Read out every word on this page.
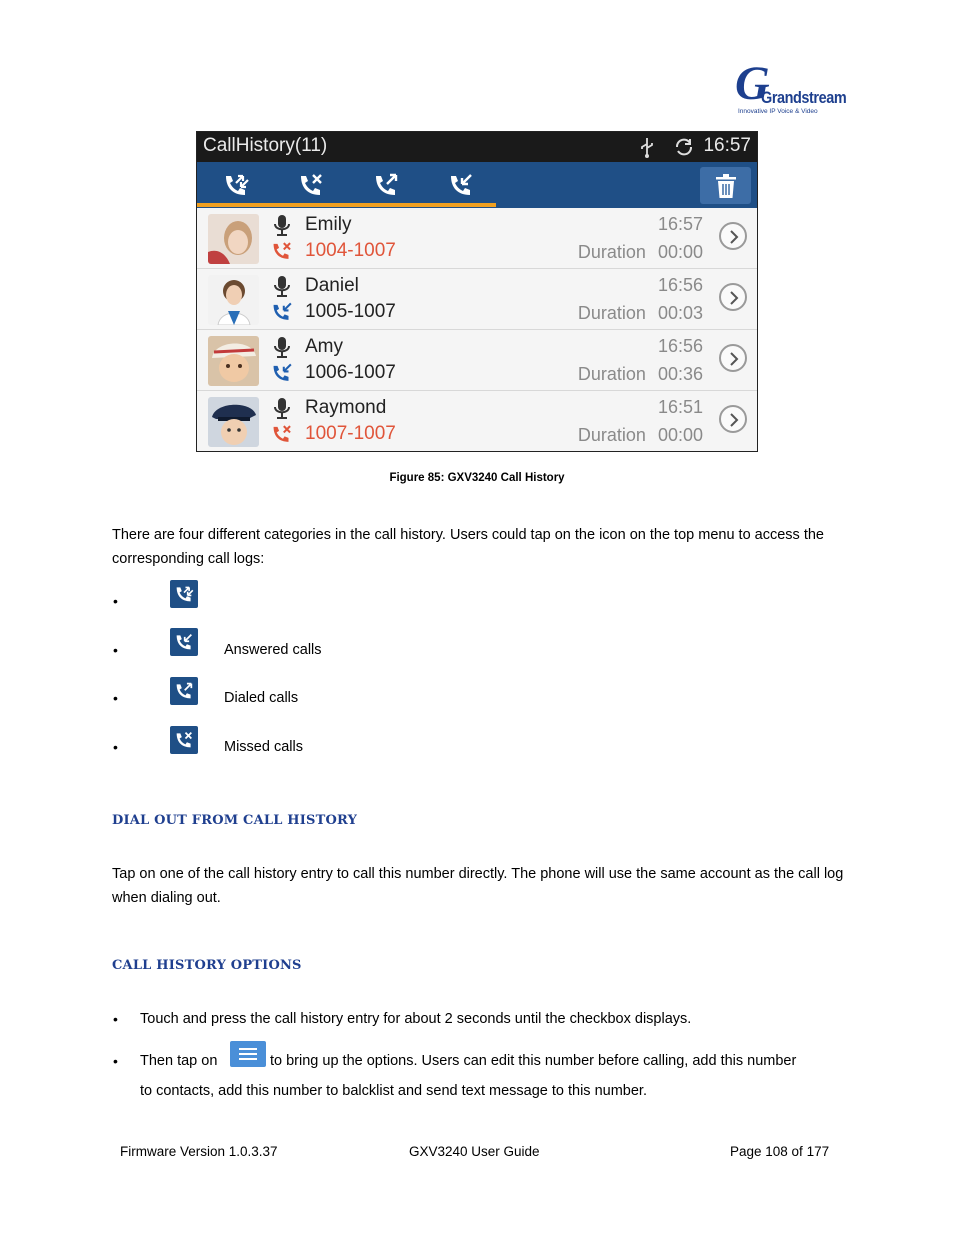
G
Grandstream
Innovative IP Voice & Video
CallHistory(11)	16:57
Emily
1004-1007
16:57
Duration 00:00
Daniel
1005-1007
16:56
Duration 00:03
Amy
1006-1007
16:56
Duration 00:36
Raymond
1007-1007
16:51
Duration 00:00
Figure 85: GXV3240 Call History
There are four different categories in the call history. Users could tap on the icon on the top menu to access the corresponding call logs:
•
•	Answered calls
•	Dialed calls
•	Missed calls
DIAL OUT FROM CALL HISTORY
Tap on one of the call history entry to call this number directly. The phone will use the same account as the call log when dialing out.
CALL HISTORY OPTIONS
• Touch and press the call history entry for about 2 seconds until the checkbox displays.
• Then tap on	to bring up the options. Users can edit this number before calling, add this number
to contacts, add this number to balcklist and send text message to this number.
Firmware Version 1.0.3.37	GXV3240 User Guide	Page 108 of 177
